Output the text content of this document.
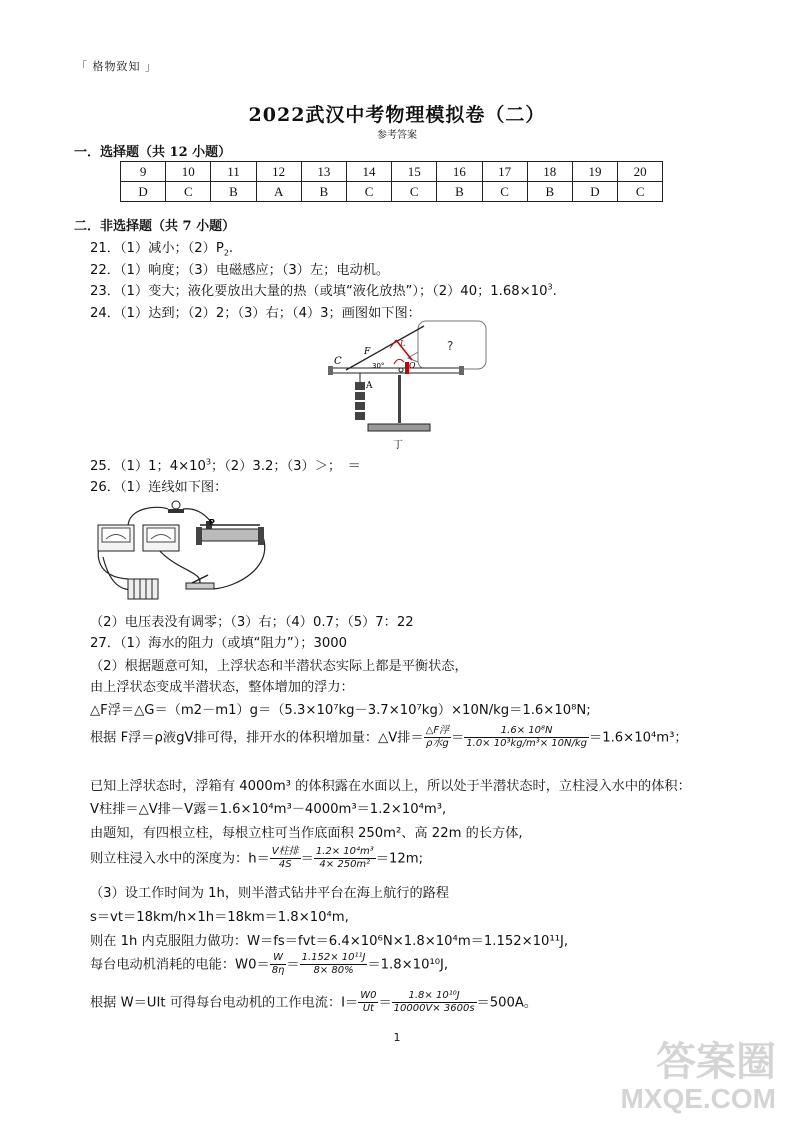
「 格物致知 」
2022武汉中考物理模拟卷（二）
参考答案
一．选择题（共 12 小题）
9	10	11	12	13	14	15	16	17	18	19	20
D	C	B	A	B	C	C	B	C	B	D	C
二．非选择题（共 7 小题）
21．（1）减小；$(2)P_2$.
22．（1）响度；（3）电磁感应；（3）左；电动机。
23．（1）变大；液化要放出大量的热（或填“液化放热”）；（2）40；$1.68\times 10^3$.
24．（1）达到；（2）2；（3）右；（4）3；画图如下图：
?
C
F
A
O
L
30°
丁
25．（1）1；$4\times 10^3$；（2）3.2；（3）＞；　＝
26．（1）连线如下图：
P
（2）电压表没有调零；（3）右；（4）0.7；（5）7：22
27．（1）海水的阻力（或填“阻力”）；3000
（2）根据题意可知，上浮状态和半潜状态实际上都是平衡状态，
由上浮状态变成半潜状态，整体增加的浮力：
△F浮＝△G＝（m2－m1）g＝（5.3×10⁷kg－3.7×10⁷kg）×10N/kg＝1.6×10⁸N;
根据 F浮＝ρ液gV排可得，排开水的体积增加量：△V排＝ $\frac{\text{△F浮}}{\text{ρ水g}} = \frac{\text{1.6× 10⁸N}}{\text{1.0× 10³kg/m³× 10N/kg}} =1.6\times 10^4m^3$；
已知上浮状态时，浮箱有 4000m³ 的体积露在水面以上，所以处于半潜状态时，立柱浸入水中的体积：
V柱排＝△V排－V露＝1.6×10⁴m³－4000m³＝1.2×10⁴m³,
由题知，有四根立柱，每根立柱可当作底面积 250m²、高 22m 的长方体,
则立柱浸入水中的深度为：$h= \frac{\text{V柱排}}{4S} = \frac{\text{1.2× 10⁴m³}}{\text{4× 250m²}} =12m$;
（3）设工作时间为 1h，则半潜式钻井平台在海上航行的路程
s＝vt＝18km/h×1h＝18km＝1.8×10⁴m,
则在 1h 内克服阻力做功：W＝fs＝fvt＝6.4×10⁶N×1.8×10⁴m＝1.152×10¹¹J,
每台电动机消耗的电能：$W0= \frac{W}{8\eta} = \frac{\text{1.152× 10¹¹J}}{8\times 80\%} =1.8\times 10^{10}J$,
根据 W＝UIt 可得每台电动机的工作电流：$I= \frac{W0}{Ut} = \frac{\text{1.8× 10¹⁰J}}{10000V\times 3600s} =500A$。
1
答案圈
MXQE.COM
